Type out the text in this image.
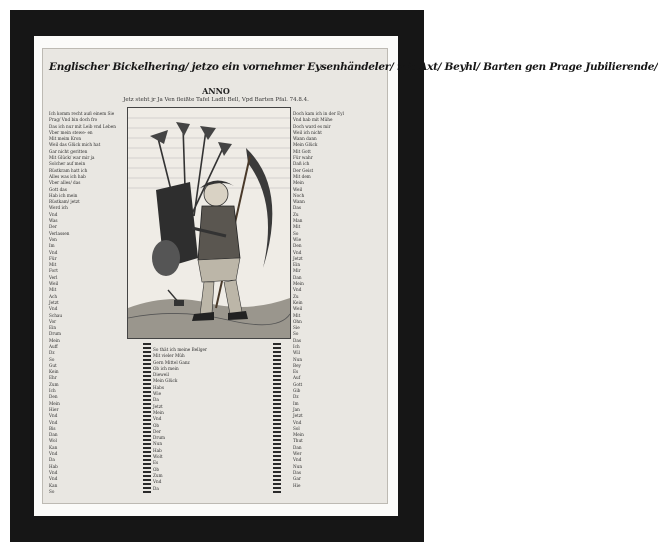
Englischer Bickelhering/ jetzo ein vornehmer Eysenhändeler/ mit Axt/ Beyhl/ Barten gen Prage Jubilierende/
ANNO
Jetz steht jr Ja Ven fleißte Tafel Ladlt Bell, Vpd Barten Pfal. 74.8.4.
Ich komm recht auß einem Sie
Prag/ Vnd bin doch fro
Das ich nur mit Leib vnd Leben
Vber mein stewe- en
Mit meim Kron
Weil das Glück mich hat
Gar nicht geritten
Mit Glück/ war mir ja
Solcher auf mein
Rüstkram hatt ich
Alles was ich hab
Vber alles/ das
Gott das
Hab ich mein
Rüstkam/ jetzt
Werd ich
Vnd
Was
Der
Verlassen
Von
Im
Vnd
Für
Mit
Fort
Verl
Weil
Mit
Ach
Jetzt
Vnd
Schau
Vor
Ein
Drum
Mein
Auff
Dz
So
Gut
Kein
Ehr
Zum
Ich
Den
Mein
Hier
Vnd
Vnd
Bis
Dan
Wol
Kan
Vnd
Da
Hab
Vnd
Vnd
Kan
So
So thät ich meine Bellger
Mit vieler Müh
Gern Mittel Ganz
Ob ich mein
Dieweil
Mein Glück
Habs
Wie
Da
Jetzt
Mein
Vnd
Ob
Der
Drum
Nun
Hab
Wolt
Es
Ob
Zum
Vnd
Da
Doch kam ich in der Eyl
Vnd hab mit Mühe
Doch ward es mir
Weil ich nicht
Wann dann
Mein Glück
Mit Gott
Für wahr
Daß ich
Der Geist
Mit dem
Mein
Weil
Noch
Wann
Das
Zu
Man
Mit
So
Wie
Den
Vnd
Jetzt
Ein
Mir
Dan
Mein
Vnd
Zu
Kein
Weil
Mit
Ohn
Sie
So
Das
Ich
Wil
Nun
Bey
Es
Auf
Gott
Gib
Dz
Im
Jan
Jetzt
Vnd
Sol
Mein
Thut
Dan
Wer
Vnd
Nun
Das
Gar
Hie
